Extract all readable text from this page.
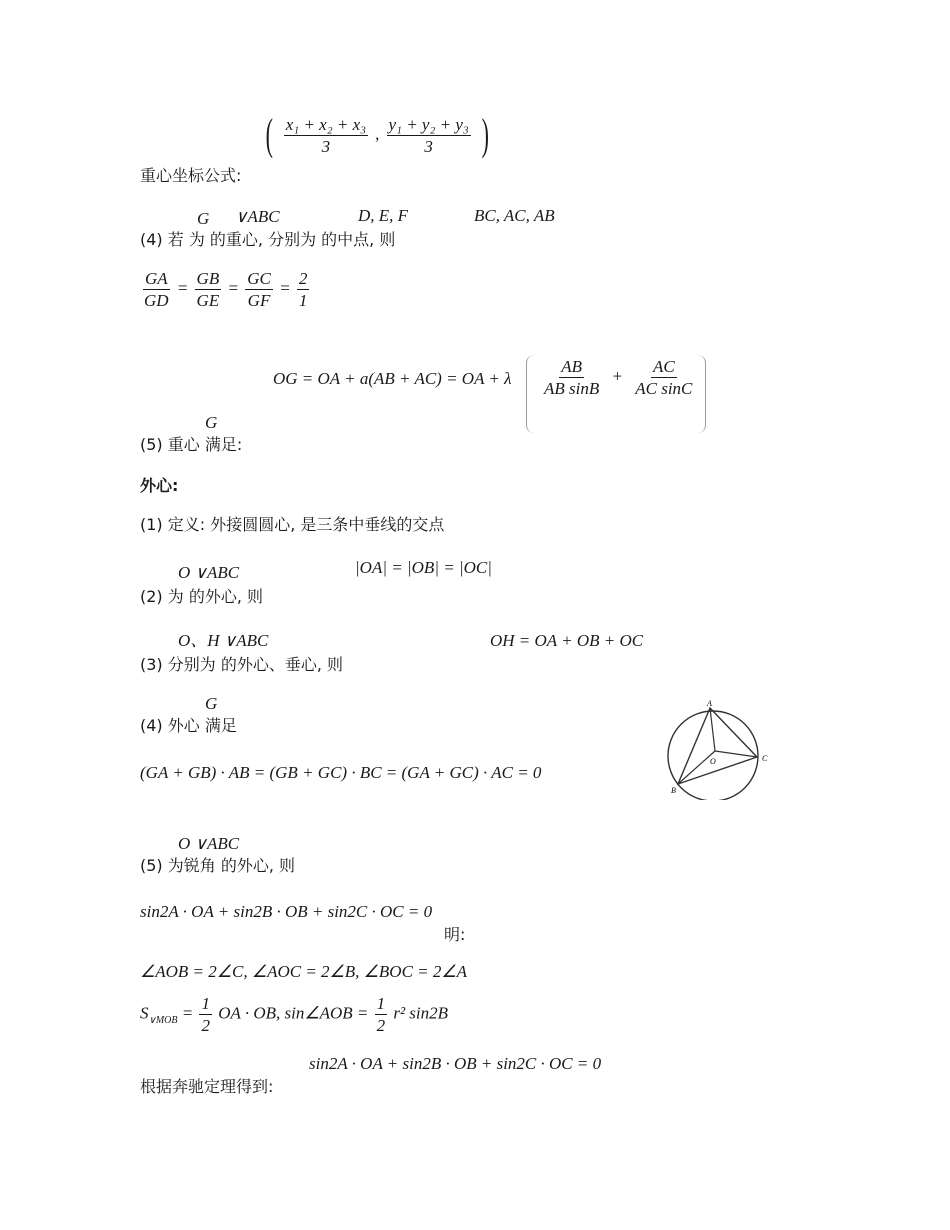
( $\frac{\text{x₁ + x₂ + x₃}}{3}$ , $\frac{\text{y₁ + y₂ + y₃}}{3}$ )
重心坐标公式:
G ∨ABC	D, E, F	BC, AC, AB
(4) 若 为 的重心, 分别为 的中点, 则
$\frac{GA}{GD} = \frac{GB}{GE} = \frac{GC}{GF} = \frac{2}{1}$
OG = OA + a(AB + AC) = OA + λ $\frac{AB}{\text{AB sinB}} + \frac{AC}{\text{AC sinC}}$
G
(5) 重心 满足:
外心:
(1) 定义: 外接圆圆心, 是三条中垂线的交点
O ∨ABC	|OA| = |OB| = |OC|
(2) 为 的外心, 则
O、H ∨ABC	OH = OA + OB + OC
(3) 分别为 的外心、垂心, 则
G
(4) 外心 满足
(GA + GB) · AB = (GB + GC) · BC = (GA + GC) · AC = 0
A
B
C
O
O ∨ABC
(5) 为锐角 的外心, 则
sin2A · OA + sin2B · OB + sin2C · OC = 0
明:
∠AOB = 2∠C, ∠AOC = 2∠B, ∠BOC = 2∠A
$S_{\vee MOB} = \frac{1}{2}$ OA · OB, sin∠AOB = $\frac{1}{2} r^2$ sin2B
sin2A · OA + sin2B · OB + sin2C · OC = 0
根据奔驰定理得到:
